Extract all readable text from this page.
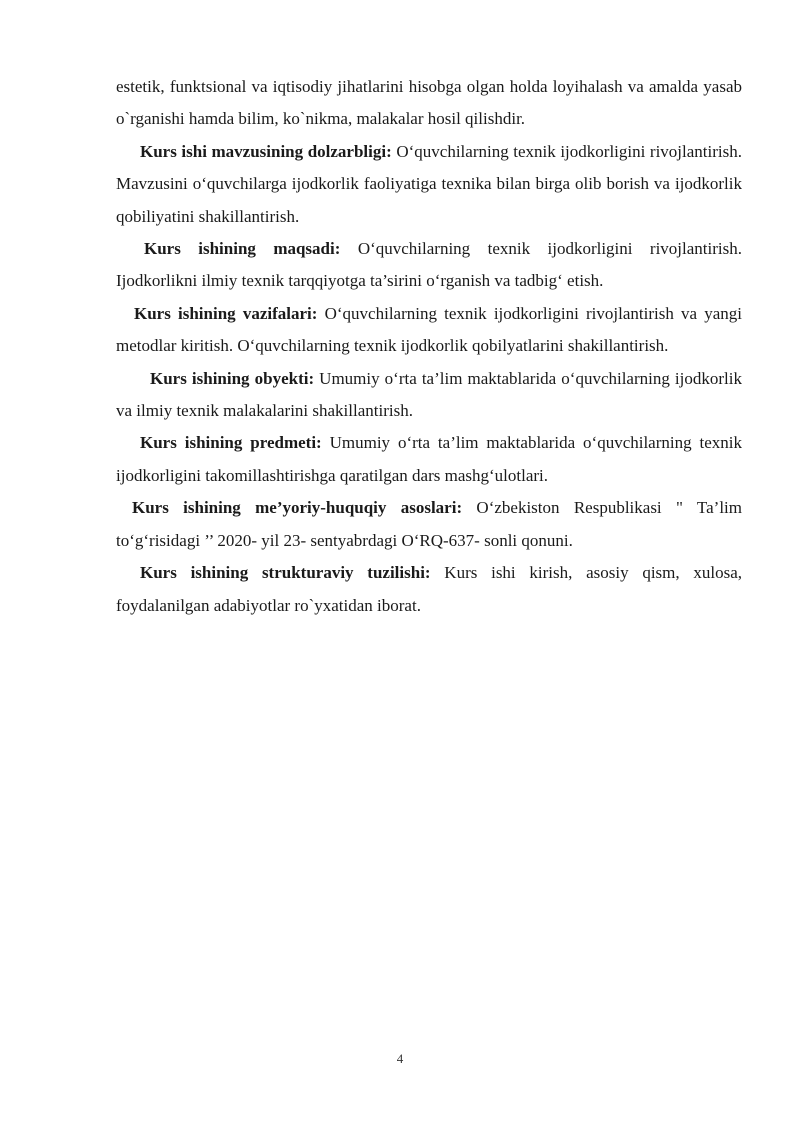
estetik, funktsional va iqtisodiy jihatlarini hisobga olgan holda loyihalash va amalda yasab o`rganishi hamda bilim, ko`nikma, malakalar hosil qilishdir.

Kurs ishi mavzusining dolzarbligi: O‘quvchilarning texnik ijodkorligini rivojlantirish. Mavzusini o‘quvchilarga ijodkorlik faoliyatiga texnika bilan birga olib borish va ijodkorlik qobiliyatini shakillantirish.

Kurs ishining maqsadi: O‘quvchilarning texnik ijodkorligini rivojlantirish. Ijodkorlikni ilmiy texnik tarqqiyotga ta’sirini o‘rganish va tadbig‘ etish.

Kurs ishining vazifalari: O‘quvchilarning texnik ijodkorligini rivojlantirish va yangi metodlar kiritish. O‘quvchilarning texnik ijodkorlik qobilyatlarini shakillantirish.

Kurs ishining obyekti: Umumiy o‘rta ta’lim maktablarida o‘quvchilarning ijodkorlik va ilmiy texnik malakalarini shakillantirish.

Kurs ishining predmeti: Umumiy o‘rta ta’lim maktablarida o‘quvchilarning texnik ijodkorligini takomillashtirishga qaratilgan dars mashg‘ulotlari.

Kurs ishining me’yoriy-huquqiy asoslari: O‘zbekiston Respublikasi " Ta’lim to‘g‘risidagi ’’ 2020- yil 23- sentyabrdagi O‘RQ-637- sonli qonuni.

Kurs ishining strukturaviy tuzilishi: Kurs ishi kirish, asosiy qism, xulosa, foydalanilgan adabiyotlar ro`yxatidan iborat.

4
